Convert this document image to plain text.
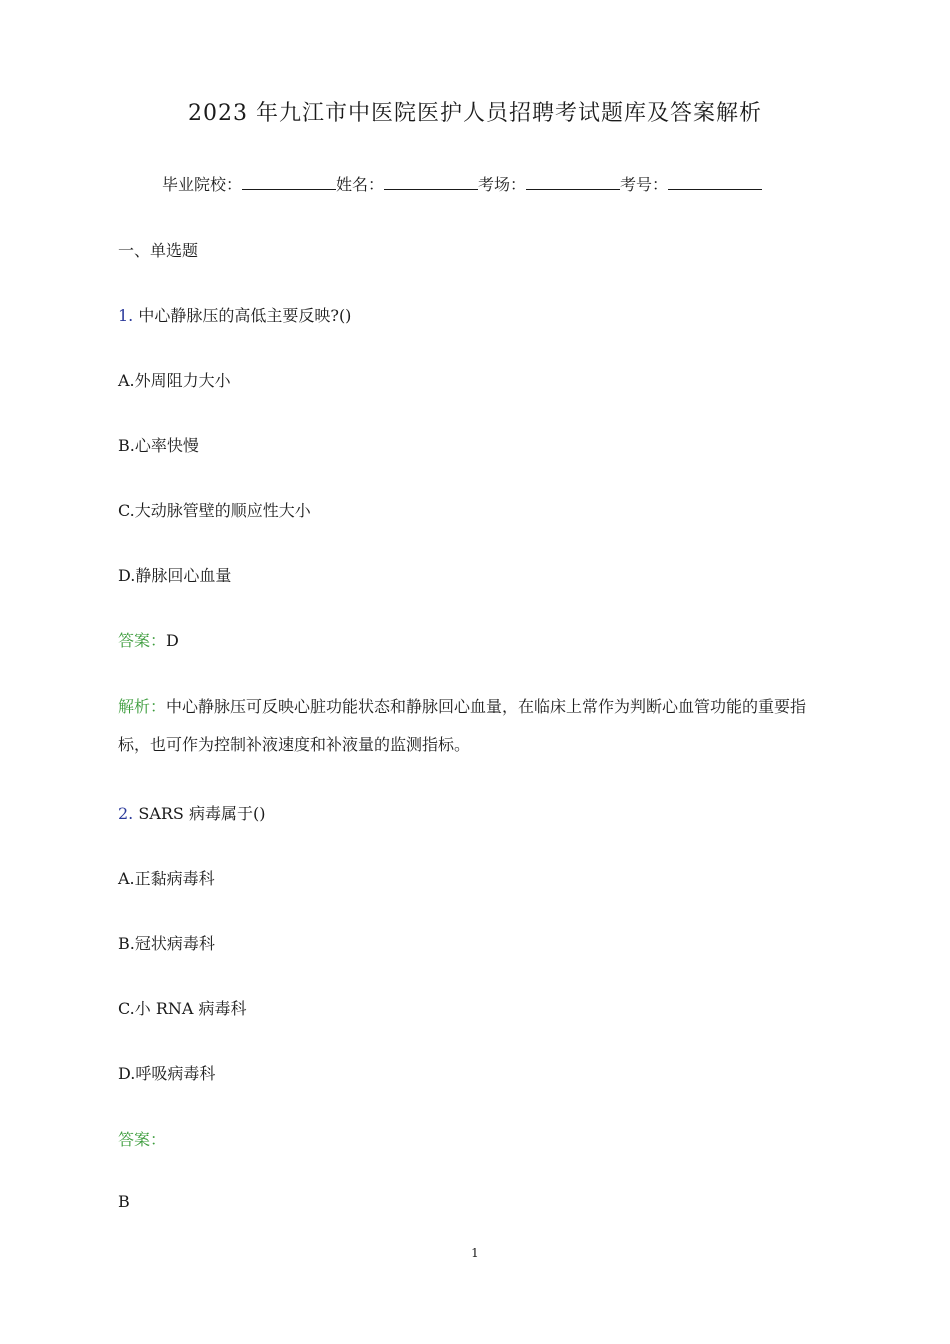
2023 年九江市中医院医护人员招聘考试题库及答案解析
毕业院校：	姓名：	考场：	考号：
一、单选题
1. 中心静脉压的高低主要反映?()
A.外周阻力大小
B.心率快慢
C.大动脉管壁的顺应性大小
D.静脉回心血量
答案：D
解析：中心静脉压可反映心脏功能状态和静脉回心血量，在临床上常作为判断心血管功能的重要指标，也可作为控制补液速度和补液量的监测指标。
2. SARS 病毒属于()
A.正黏病毒科
B.冠状病毒科
C.小 RNA 病毒科
D.呼吸病毒科
答案：
B
1
